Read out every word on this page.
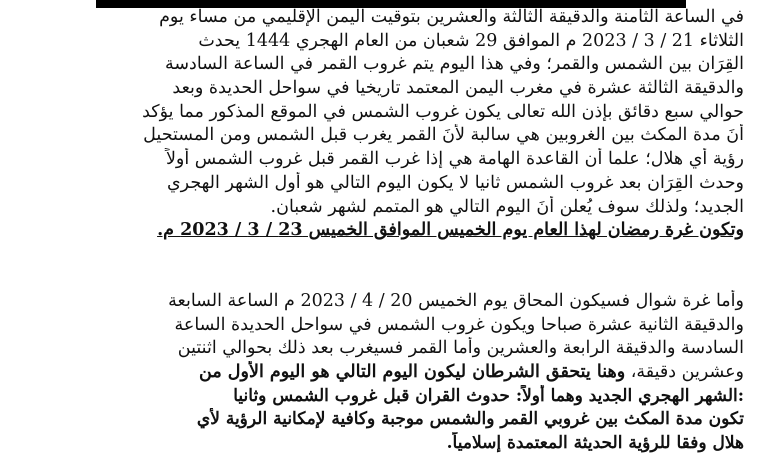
في الساعة الثامنة والدقيقة الثالثة والعشرين بتوقيت اليمن الإقليمي من مساء يوم
الثلاثاء 21 / 3 / 2023 م الموافق 29 شعبان من العام الهجري 1444 يحدث
القِرَان بين الشمس والقمر؛ وفي هذا اليوم يتم غروب القمر في الساعة السادسة
والدقيقة الثالثة عشرة في مغرب اليمن المعتمد تاريخيا في سواحل الحديدة وبعد
حوالي سبع دقائق بإذن الله تعالى يكون غروب الشمس في الموقع المذكور مما يؤكد
أنَ مدة المكث بين الغروبين هي سالبة لأنَ القمر يغرب قبل الشمس ومن المستحيل
رؤية أي هلال؛ علما أن القاعدة الهامة هي إذا غرب القمر قبل غروب الشمس أولاً
وحدث القِرَان بعد غروب الشمس ثانيا لا يكون اليوم التالي هو أول الشهر الهجري
الجديد؛ ولذلك سوف يُعلن أنَ اليوم التالي هو المتمم لشهر شعبان.
وتكون غرة رمضان لهذا العام يوم الخميس الموافق الخميس 23 / 3 / 2023 م.
وأما غرة شوال فسيكون المحاق يوم الخميس 20 / 4 / 2023 م الساعة السابعة
والدقيقة الثانية عشرة صباحا ويكون غروب الشمس في سواحل الحديدة الساعة
السادسة والدقيقة الرابعة والعشرين وأما القمر فسيغرب بعد ذلك بحوالي اثنتين
وعشرين دقيقة، وهنا يتحقق الشرطان ليكون اليوم التالي هو اليوم الأول من
:الشهر الهجري الجديد وهما أولاً: حدوث القران قبل غروب الشمس وثانيا
تكون مدة المكث بين غروبي القمر والشمس موجبة وكافية لإمكانية الرؤية لأي
هلال وفقا للرؤية الحديثة المعتمدة إسلامياً.
